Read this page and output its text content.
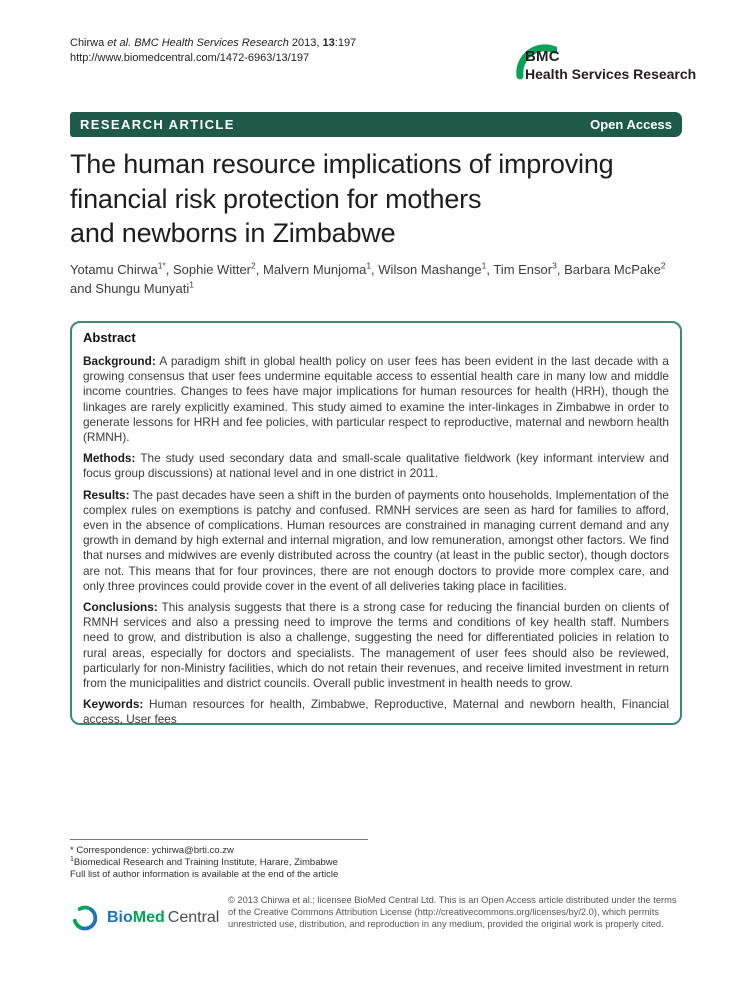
Chirwa et al. BMC Health Services Research 2013, 13:197
http://www.biomedcentral.com/1472-6963/13/197	BMC
Health Services Research
RESEARCH ARTICLE	Open Access
The human resource implications of improving
financial risk protection for mothers
and newborns in Zimbabwe

Yotamu Chirwa$^{1*}$, Sophie Witter$^2$, Malvern Munjoma$^1$, Wilson Mashange$^1$, Tim Ensor$^3$, Barbara McPake$^2$
and Shungu Munyati$^1$

Abstract

Background: A paradigm shift in global health policy on user fees has been evident in the last decade with a growing consensus that user fees undermine equitable access to essential health care in many low and middle income countries. Changes to fees have major implications for human resources for health (HRH), though the linkages are rarely explicitly examined. This study aimed to examine the inter-linkages in Zimbabwe in order to generate lessons for HRH and fee policies, with particular respect to reproductive, maternal and newborn health (RMNH).

Methods: The study used secondary data and small-scale qualitative fieldwork (key informant interview and focus group discussions) at national level and in one district in 2011.

Results: The past decades have seen a shift in the burden of payments onto households. Implementation of the complex rules on exemptions is patchy and confused. RMNH services are seen as hard for families to afford, even in the absence of complications. Human resources are constrained in managing current demand and any growth in demand by high external and internal migration, and low remuneration, amongst other factors. We find that nurses and midwives are evenly distributed across the country (at least in the public sector), though doctors are not. This means that for four provinces, there are not enough doctors to provide more complex care, and only three provinces could provide cover in the event of all deliveries taking place in facilities.

Conclusions: This analysis suggests that there is a strong case for reducing the financial burden on clients of RMNH services and also a pressing need to improve the terms and conditions of key health staff. Numbers need to grow, and distribution is also a challenge, suggesting the need for differentiated policies in relation to rural areas, especially for doctors and specialists. The management of user fees should also be reviewed, particularly for non-Ministry facilities, which do not retain their revenues, and receive limited investment in return from the municipalities and district councils. Overall public investment in health needs to grow.

Keywords: Human resources for health, Zimbabwe, Reproductive, Maternal and newborn health, Financial access, User fees

* Correspondence: ychirwa@brti.co.zw
$^1$Biomedical Research and Training Institute, Harare, Zimbabwe
Full list of author information is available at the end of the article
BioMed Central

© 2013 Chirwa et al.; licensee BioMed Central Ltd. This is an Open Access article distributed under the terms of the Creative Commons Attribution License (http://creativecommons.org/licenses/by/2.0), which permits unrestricted use, distribution, and reproduction in any medium, provided the original work is properly cited.
